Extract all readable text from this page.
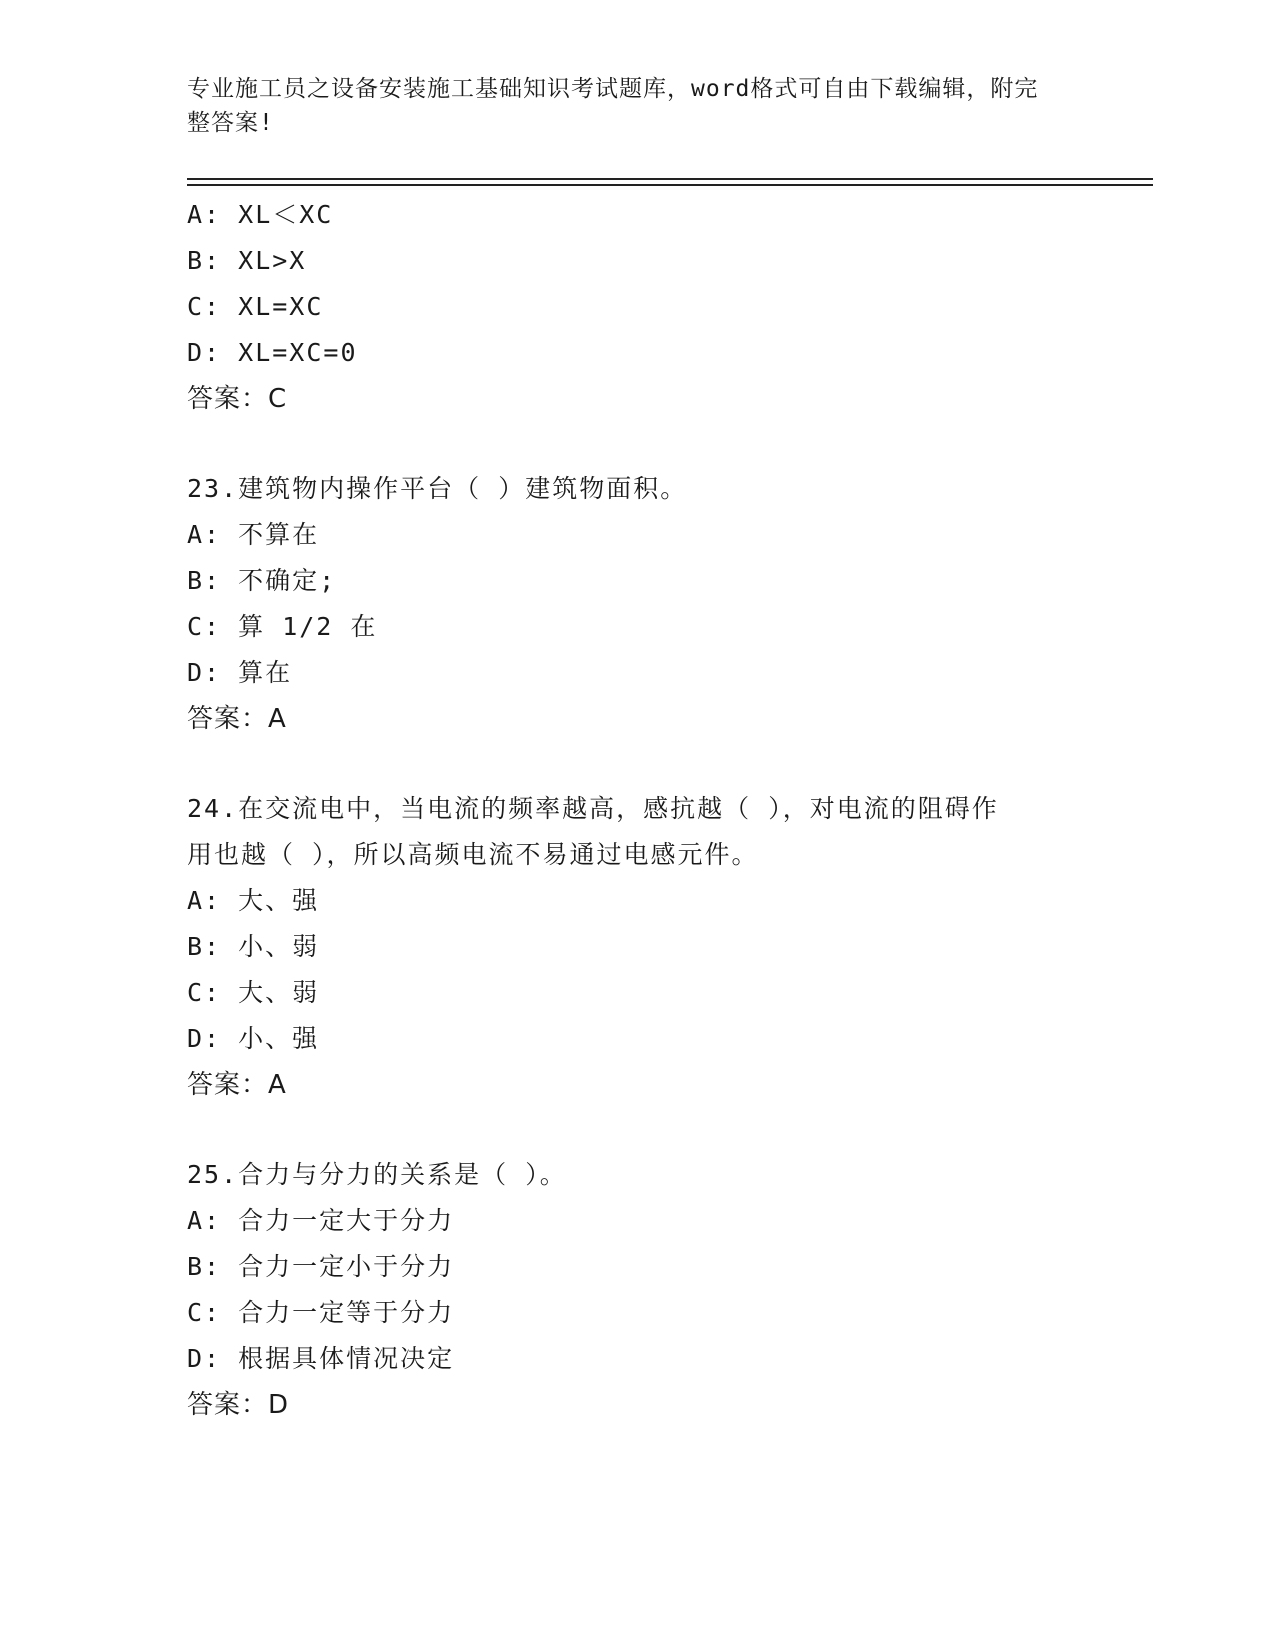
专业施工员之设备安装施工基础知识考试题库，word格式可自由下载编辑，附完
整答案!
A: XL＜XC
B: XL>X
C: XL=XC
D: XL=XC=0
答案：C
23.建筑物内操作平台（ ）建筑物面积。
A: 不算在
B: 不确定;
C: 算 1/2 在
D: 算在
答案：A
24.在交流电中，当电流的频率越高，感抗越（ ），对电流的阻碍作
用也越（ ），所以高频电流不易通过电感元件。
A: 大、强
B: 小、弱
C: 大、弱
D: 小、强
答案：A
25.合力与分力的关系是（ ）。
A: 合力一定大于分力
B: 合力一定小于分力
C: 合力一定等于分力
D: 根据具体情况决定
答案：D
